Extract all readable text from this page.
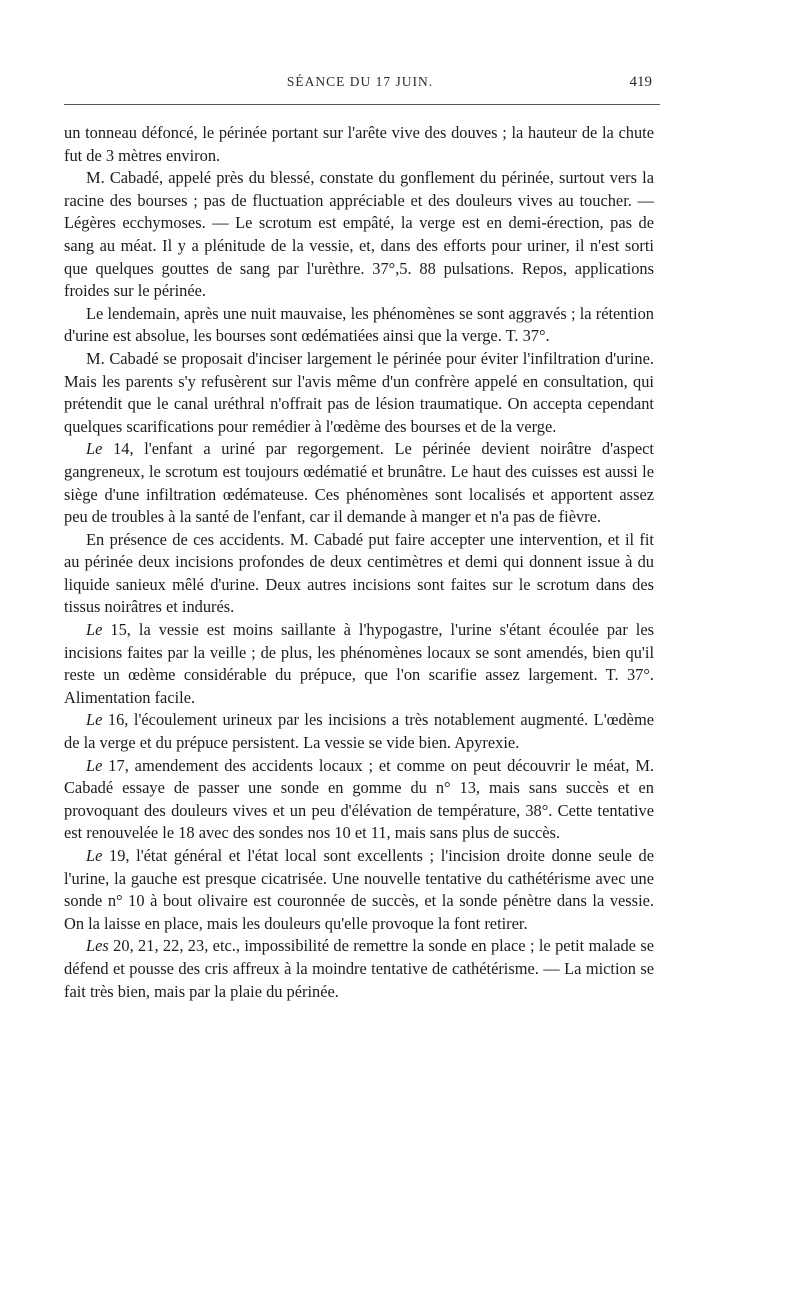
SÉANCE DU 17 JUIN.	419

un tonneau défoncé, le périnée portant sur l'arête vive des douves ; la hauteur de la chute fut de 3 mètres environ.

M. Cabadé, appelé près du blessé, constate du gonflement du périnée, surtout vers la racine des bourses ; pas de fluctuation appréciable et des douleurs vives au toucher. — Légères ecchymoses. — Le scrotum est empâté, la verge est en demi-érection, pas de sang au méat. Il y a plénitude de la vessie, et, dans des efforts pour uriner, il n'est sorti que quelques gouttes de sang par l'urèthre. 37°,5. 88 pulsations. Repos, applications froides sur le périnée.

Le lendemain, après une nuit mauvaise, les phénomènes se sont aggravés ; la rétention d'urine est absolue, les bourses sont œdématiées ainsi que la verge. T. 37°.

M. Cabadé se proposait d'inciser largement le périnée pour éviter l'infiltration d'urine. Mais les parents s'y refusèrent sur l'avis même d'un confrère appelé en consultation, qui prétendit que le canal uréthral n'offrait pas de lésion traumatique. On accepta cependant quelques scarifications pour remédier à l'œdème des bourses et de la verge.

Le 14, l'enfant a uriné par regorgement. Le périnée devient noirâtre d'aspect gangreneux, le scrotum est toujours œdématié et brunâtre. Le haut des cuisses est aussi le siège d'une infiltration œdémateuse. Ces phénomènes sont localisés et apportent assez peu de troubles à la santé de l'enfant, car il demande à manger et n'a pas de fièvre.

En présence de ces accidents. M. Cabadé put faire accepter une intervention, et il fit au périnée deux incisions profondes de deux centimètres et demi qui donnent issue à du liquide sanieux mêlé d'urine. Deux autres incisions sont faites sur le scrotum dans des tissus noirâtres et indurés.

Le 15, la vessie est moins saillante à l'hypogastre, l'urine s'étant écoulée par les incisions faites par la veille ; de plus, les phénomènes locaux se sont amendés, bien qu'il reste un œdème considérable du prépuce, que l'on scarifie assez largement. T. 37°. Alimentation facile.

Le 16, l'écoulement urineux par les incisions a très notablement augmenté. L'œdème de la verge et du prépuce persistent. La vessie se vide bien. Apyrexie.

Le 17, amendement des accidents locaux ; et comme on peut découvrir le méat, M. Cabadé essaye de passer une sonde en gomme du n° 13, mais sans succès et en provoquant des douleurs vives et un peu d'élévation de température, 38°. Cette tentative est renouvelée le 18 avec des sondes nos 10 et 11, mais sans plus de succès.

Le 19, l'état général et l'état local sont excellents ; l'incision droite donne seule de l'urine, la gauche est presque cicatrisée. Une nouvelle tentative du cathétérisme avec une sonde n° 10 à bout olivaire est couronnée de succès, et la sonde pénètre dans la vessie. On la laisse en place, mais les douleurs qu'elle provoque la font retirer.

Les 20, 21, 22, 23, etc., impossibilité de remettre la sonde en place ; le petit malade se défend et pousse des cris affreux à la moindre tentative de cathétérisme. — La miction se fait très bien, mais par la plaie du périnée.
